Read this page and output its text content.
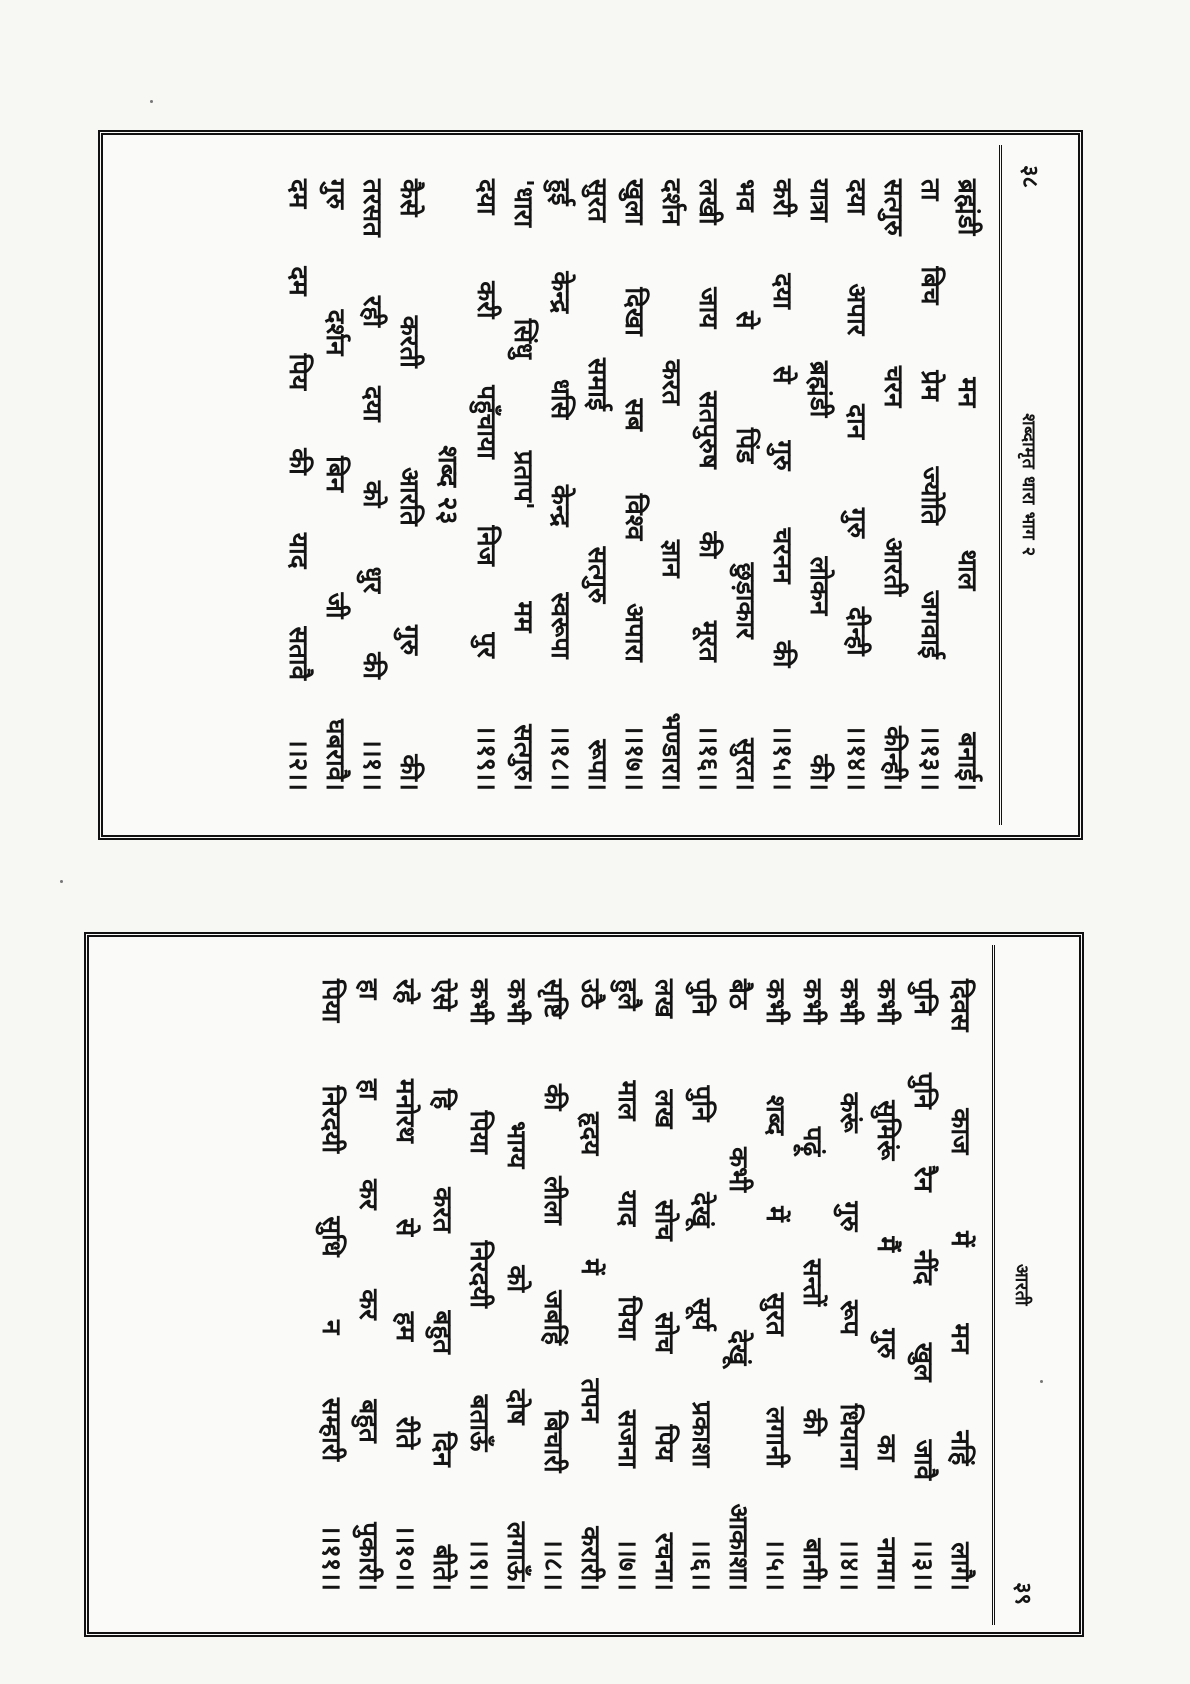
३८
शब्दामृत धारा भाग २
ब्रह्मंडी
मन
थाल
बनाई।
ता
बिच
प्रेम
ज्योति
जगवाई
।।१३।।
सत्गुरु
चरन
आरती
कीन्ही।
दया
अपार
दान
गुरु
दीन्ही
।।१४।।
यात्रा
ब्रह्मंडी
लोकन
की।
करी
दया
से
गुरु
चरनन
की
।।१५।।
भव
से
पिंड
छुड़ाकार
सुरत।
लखी
जाय
सतपुरुष
की
मूरत
।।१६।।
दर्शन
करत
ज्ञान
भण्डारा।
खुला
दिखा
सब
विश्व
अपारा
।।१७।।
सुरत
समाई
सत्गुरु
रूपा।
हुई
केन्द्र
धसि
केन्द्र
स्वरूपा
।।१८।।
'धारा
सिंधु
प्रताप'
मम
सत्गुरु।
दया
करी
पहुँचाया
निज
पुर
।।१९।।
शब्द २३
कैसे
करती
आरति
गुरु
की।
तरसत
रही
दया
को
धुर
की
।।१।।
गुरु
दर्शन
बिन
जी
घबरावै।
दम
दम
पिय
की
याद
सतावै
।।२।।
आरती
३९
दिवस
काज
में
मन
नहिं
लागै।
पुनि
पुनि
रैन
नींद
खुल
जावै
।।३।।
कभी
सुमिरूं
मैं
गुरु
का
नामा।
कभी
करूं
गुरु
रूप
धियाना
।।४।।
कभी
पढ़ूं
सन्तों
की
बानी।
कभी
शब्द
में
सुरत
लगानी
।।५।।
बैठ
कभी
देखूं
आकाशा।
पुनि
पुनि
देखूं
सूर्य
प्रकाशा
।।६।।
लख
लख
सोच
सोच
पिय
रचना।
हुलै
माल
याद
पिया
सजना
।।७।।
उठै
हृदय
में
तपन
करारी।
सृष्टि
की
लीला
जबहिं
बिचारी
।।८।।
कभी
भाग्य
को
दोष
लगाऊँ।
कभी
पिया
निरदयी
बताऊँ
।।९।।
ऐसे
हि
करत
बहुत
दिन
बीते।
रहे
मनोरथ
से
हम
रीते
।।१०।।
हा
हा
कर
कर
बहुत
पुकारी।
पिया
निरदयी
सुधि
न
सम्हारी
।।११।।
